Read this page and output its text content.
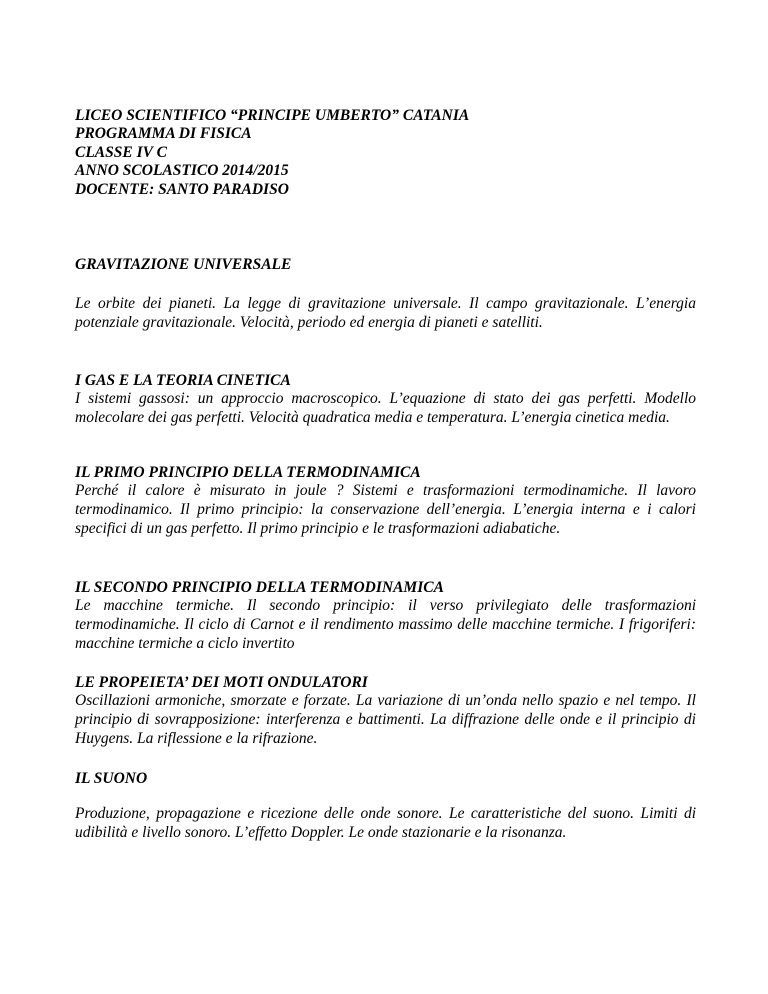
LICEO SCIENTIFICO “PRINCIPE UMBERTO” CATANIA
PROGRAMMA DI FISICA
CLASSE IV C
ANNO SCOLASTICO 2014/2015
DOCENTE: SANTO PARADISO
GRAVITAZIONE UNIVERSALE
Le orbite dei pianeti. La legge di gravitazione universale. Il campo gravitazionale. L’energia potenziale gravitazionale. Velocità, periodo ed energia di pianeti e satelliti.
I GAS E LA TEORIA CINETICA
I sistemi gassosi: un approccio macroscopico. L’equazione di stato dei gas perfetti. Modello molecolare dei gas perfetti. Velocità quadratica media e temperatura. L’energia cinetica media.
IL PRIMO PRINCIPIO DELLA TERMODINAMICA
Perché il calore è misurato in joule ? Sistemi e trasformazioni termodinamiche. Il lavoro termodinamico. Il primo principio: la conservazione dell’energia. L’energia interna e i calori specifici di un gas perfetto. Il primo principio e le trasformazioni adiabatiche.
IL SECONDO PRINCIPIO DELLA TERMODINAMICA
Le macchine termiche. Il secondo principio: il verso privilegiato delle trasformazioni termodinamiche. Il ciclo di Carnot e il rendimento massimo delle macchine termiche. I frigoriferi: macchine termiche a ciclo invertito
LE PROPEIETA’ DEI MOTI ONDULATORI
Oscillazioni armoniche, smorzate e forzate. La variazione di un’onda nello spazio e nel tempo. Il principio di sovrapposizione: interferenza e battimenti. La diffrazione delle onde e il principio di Huygens. La riflessione e la rifrazione.
IL SUONO
Produzione, propagazione e ricezione delle onde sonore. Le caratteristiche del suono. Limiti di udibilità e livello sonoro. L’effetto Doppler. Le onde stazionarie e la risonanza.
